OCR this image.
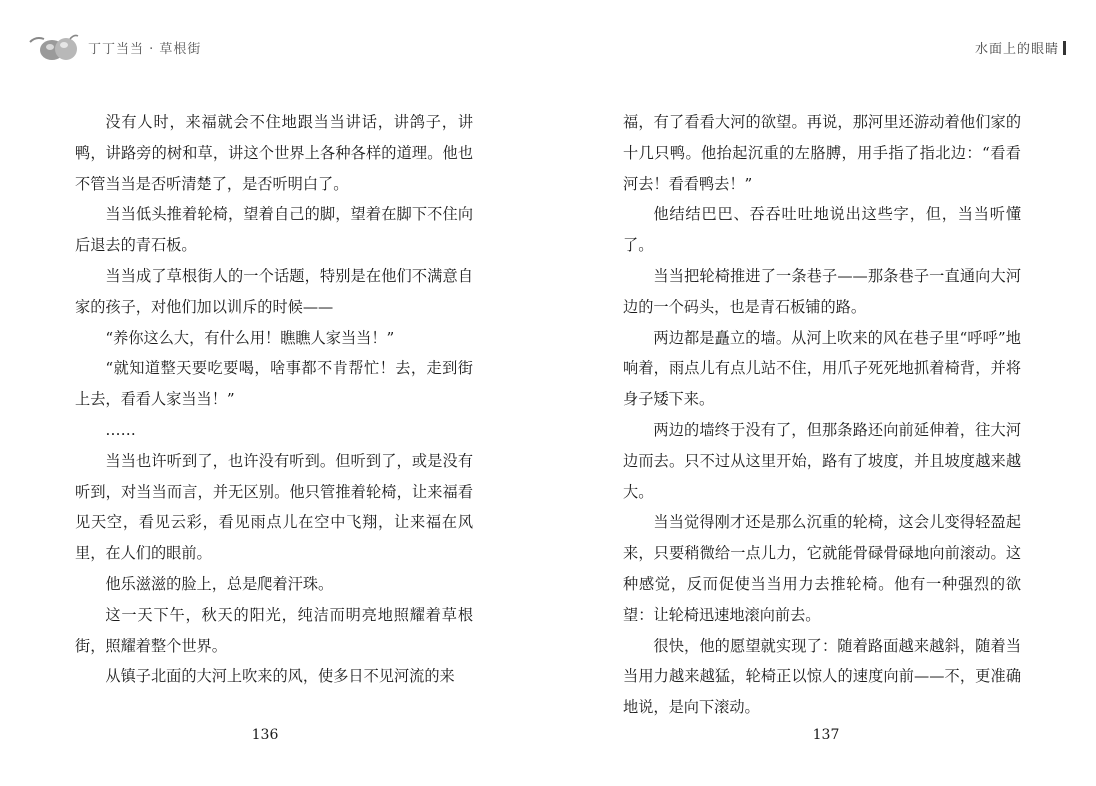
丁丁当当 · 草根街

没有人时，来福就会不住地跟当当讲话，讲鸽子，讲鸭，讲路旁的树和草，讲这个世界上各种各样的道理。他也不管当当是否听清楚了，是否听明白了。

当当低头推着轮椅，望着自己的脚，望着在脚下不住向后退去的青石板。

当当成了草根街人的一个话题，特别是在他们不满意自家的孩子，对他们加以训斥的时候——

“养你这么大，有什么用！瞧瞧人家当当！”

“就知道整天要吃要喝，啥事都不肯帮忙！去，走到街上去，看看人家当当！”

……

当当也许听到了，也许没有听到。但听到了，或是没有听到，对当当而言，并无区别。他只管推着轮椅，让来福看见天空，看见云彩，看见雨点儿在空中飞翔，让来福在风里，在人们的眼前。

他乐滋滋的脸上，总是爬着汗珠。

这一天下午，秋天的阳光，纯洁而明亮地照耀着草根街，照耀着整个世界。

从镇子北面的大河上吹来的风，使多日不见河流的来

136
水面上的眼睛

福，有了看看大河的欲望。再说，那河里还游动着他们家的十几只鸭。他抬起沉重的左胳膊，用手指了指北边：“看看河去！看看鸭去！”

他结结巴巴、吞吞吐吐地说出这些字，但，当当听懂了。

当当把轮椅推进了一条巷子——那条巷子一直通向大河边的一个码头，也是青石板铺的路。

两边都是矗立的墙。从河上吹来的风在巷子里“呼呼”地响着，雨点儿有点儿站不住，用爪子死死地抓着椅背，并将身子矮下来。

两边的墙终于没有了，但那条路还向前延伸着，往大河边而去。只不过从这里开始，路有了坡度，并且坡度越来越大。

当当觉得刚才还是那么沉重的轮椅，这会儿变得轻盈起来，只要稍微给一点儿力，它就能骨碌骨碌地向前滚动。这种感觉，反而促使当当用力去推轮椅。他有一种强烈的欲望：让轮椅迅速地滚向前去。

很快，他的愿望就实现了：随着路面越来越斜，随着当当用力越来越猛，轮椅正以惊人的速度向前——不，更准确地说，是向下滚动。

137
